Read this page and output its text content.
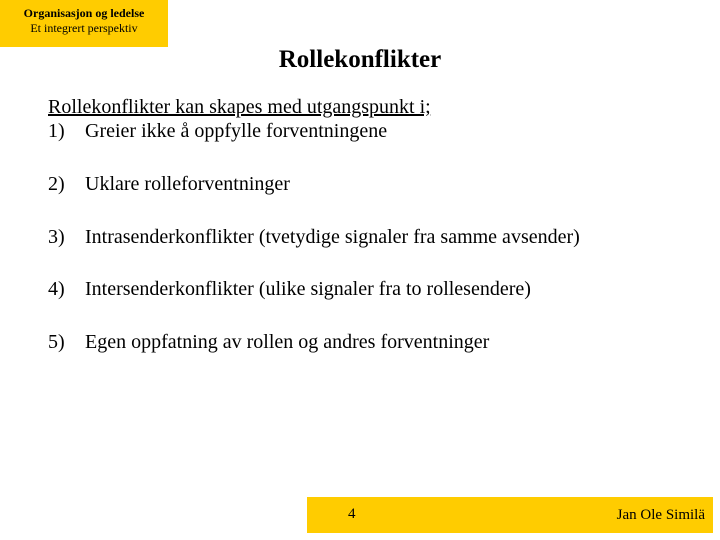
Organisasjon og ledelse
Et integrert perspektiv
Rollekonflikter
Rollekonflikter kan skapes med utgangspunkt i;
1) Greier ikke å oppfylle forventningene
2) Uklare rolleforventninger
3) Intrasenderkonflikter (tvetydige signaler fra samme avsender)
4) Intersenderkonflikter (ulike signaler fra to rollesendere)
5) Egen oppfatning av rollen og andres forventninger
4	Jan Ole Similä
